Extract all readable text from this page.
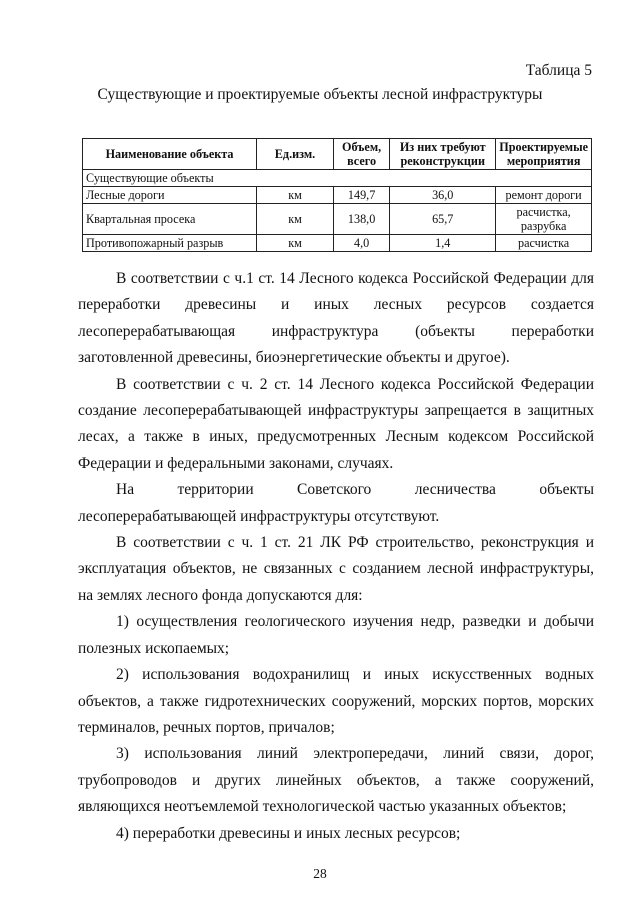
Таблица 5
Существующие и проектируемые объекты лесной инфраструктуры
Наименование объекта	Ед.изм.	Объем, всего	Из них требуют реконструкции	Проектируемые мероприятия
Существующие объекты				
Лесные дороги	км	149,7	36,0	ремонт дороги
Квартальная просека	км	138,0	65,7	расчистка, разрубка
Противопожарный разрыв	км	4,0	1,4	расчистка

В соответствии с ч.1 ст. 14 Лесного кодекса Российской Федерации для переработки древесины и иных лесных ресурсов создается лесоперерабатывающая инфраструктура (объекты переработки заготовленной древесины, биоэнергетические объекты и другое).

В соответствии с ч. 2 ст. 14 Лесного кодекса Российской Федерации создание лесоперерабатывающей инфраструктуры запрещается в защитных лесах, а также в иных, предусмотренных Лесным кодексом Российской Федерации и федеральными законами, случаях.

На территории Советского лесничества объекты лесоперерабатывающей инфраструктуры отсутствуют.

В соответствии с ч. 1 ст. 21 ЛК РФ строительство, реконструкция и эксплуатация объектов, не связанных с созданием лесной инфраструктуры, на землях лесного фонда допускаются для:

1) осуществления геологического изучения недр, разведки и добычи полезных ископаемых;

2) использования водохранилищ и иных искусственных водных объектов, а также гидротехнических сооружений, морских портов, морских терминалов, речных портов, причалов;

3) использования линий электропередачи, линий связи, дорог, трубопроводов и других линейных объектов, а также сооружений, являющихся неотъемлемой технологической частью указанных объектов;

4) переработки древесины и иных лесных ресурсов;

28
